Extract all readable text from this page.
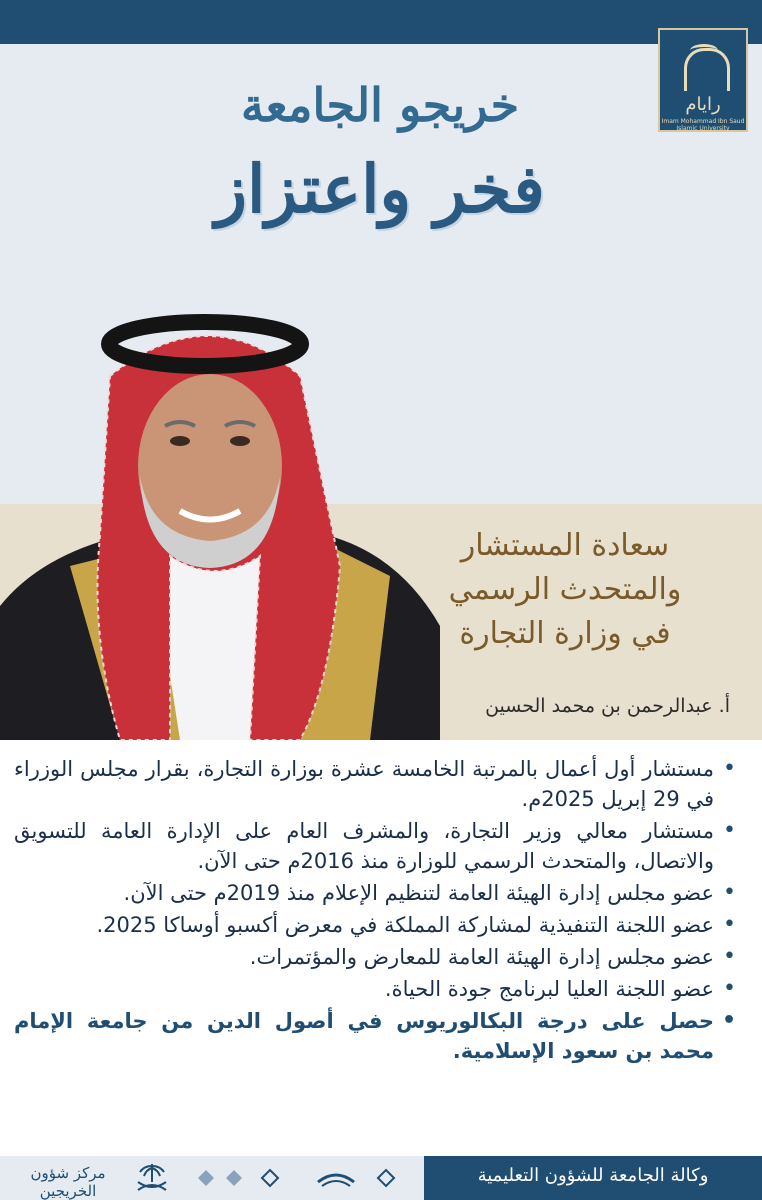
رايام
Imam Mohammad Ibn Saud Islamic University
خريجو الجامعة
فخر واعتزاز
سعادة المستشار
والمتحدث الرسمي
في وزارة التجارة
أ. عبدالرحمن بن محمد الحسين
• مستشار أول أعمال بالمرتبة الخامسة عشرة بوزارة التجارة، بقرار مجلس الوزراء في 29 إبريل 2025م.
• مستشار معالي وزير التجارة، والمشرف العام على الإدارة العامة للتسويق والاتصال، والمتحدث الرسمي للوزارة منذ 2016م حتى الآن.
• عضو مجلس إدارة الهيئة العامة لتنظيم الإعلام منذ 2019م حتى الآن.
• عضو اللجنة التنفيذية لمشاركة المملكة في معرض أكسبو أوساكا 2025.
• عضو مجلس إدارة الهيئة العامة للمعارض والمؤتمرات.
• عضو اللجنة العليا لبرنامج جودة الحياة.
• حصل على درجة البكالوريوس في أصول الدين من جامعة الإمام محمد بن سعود الإسلامية.
مركز شؤون الخريجين
وكالة الجامعة للشؤون التعليمية
